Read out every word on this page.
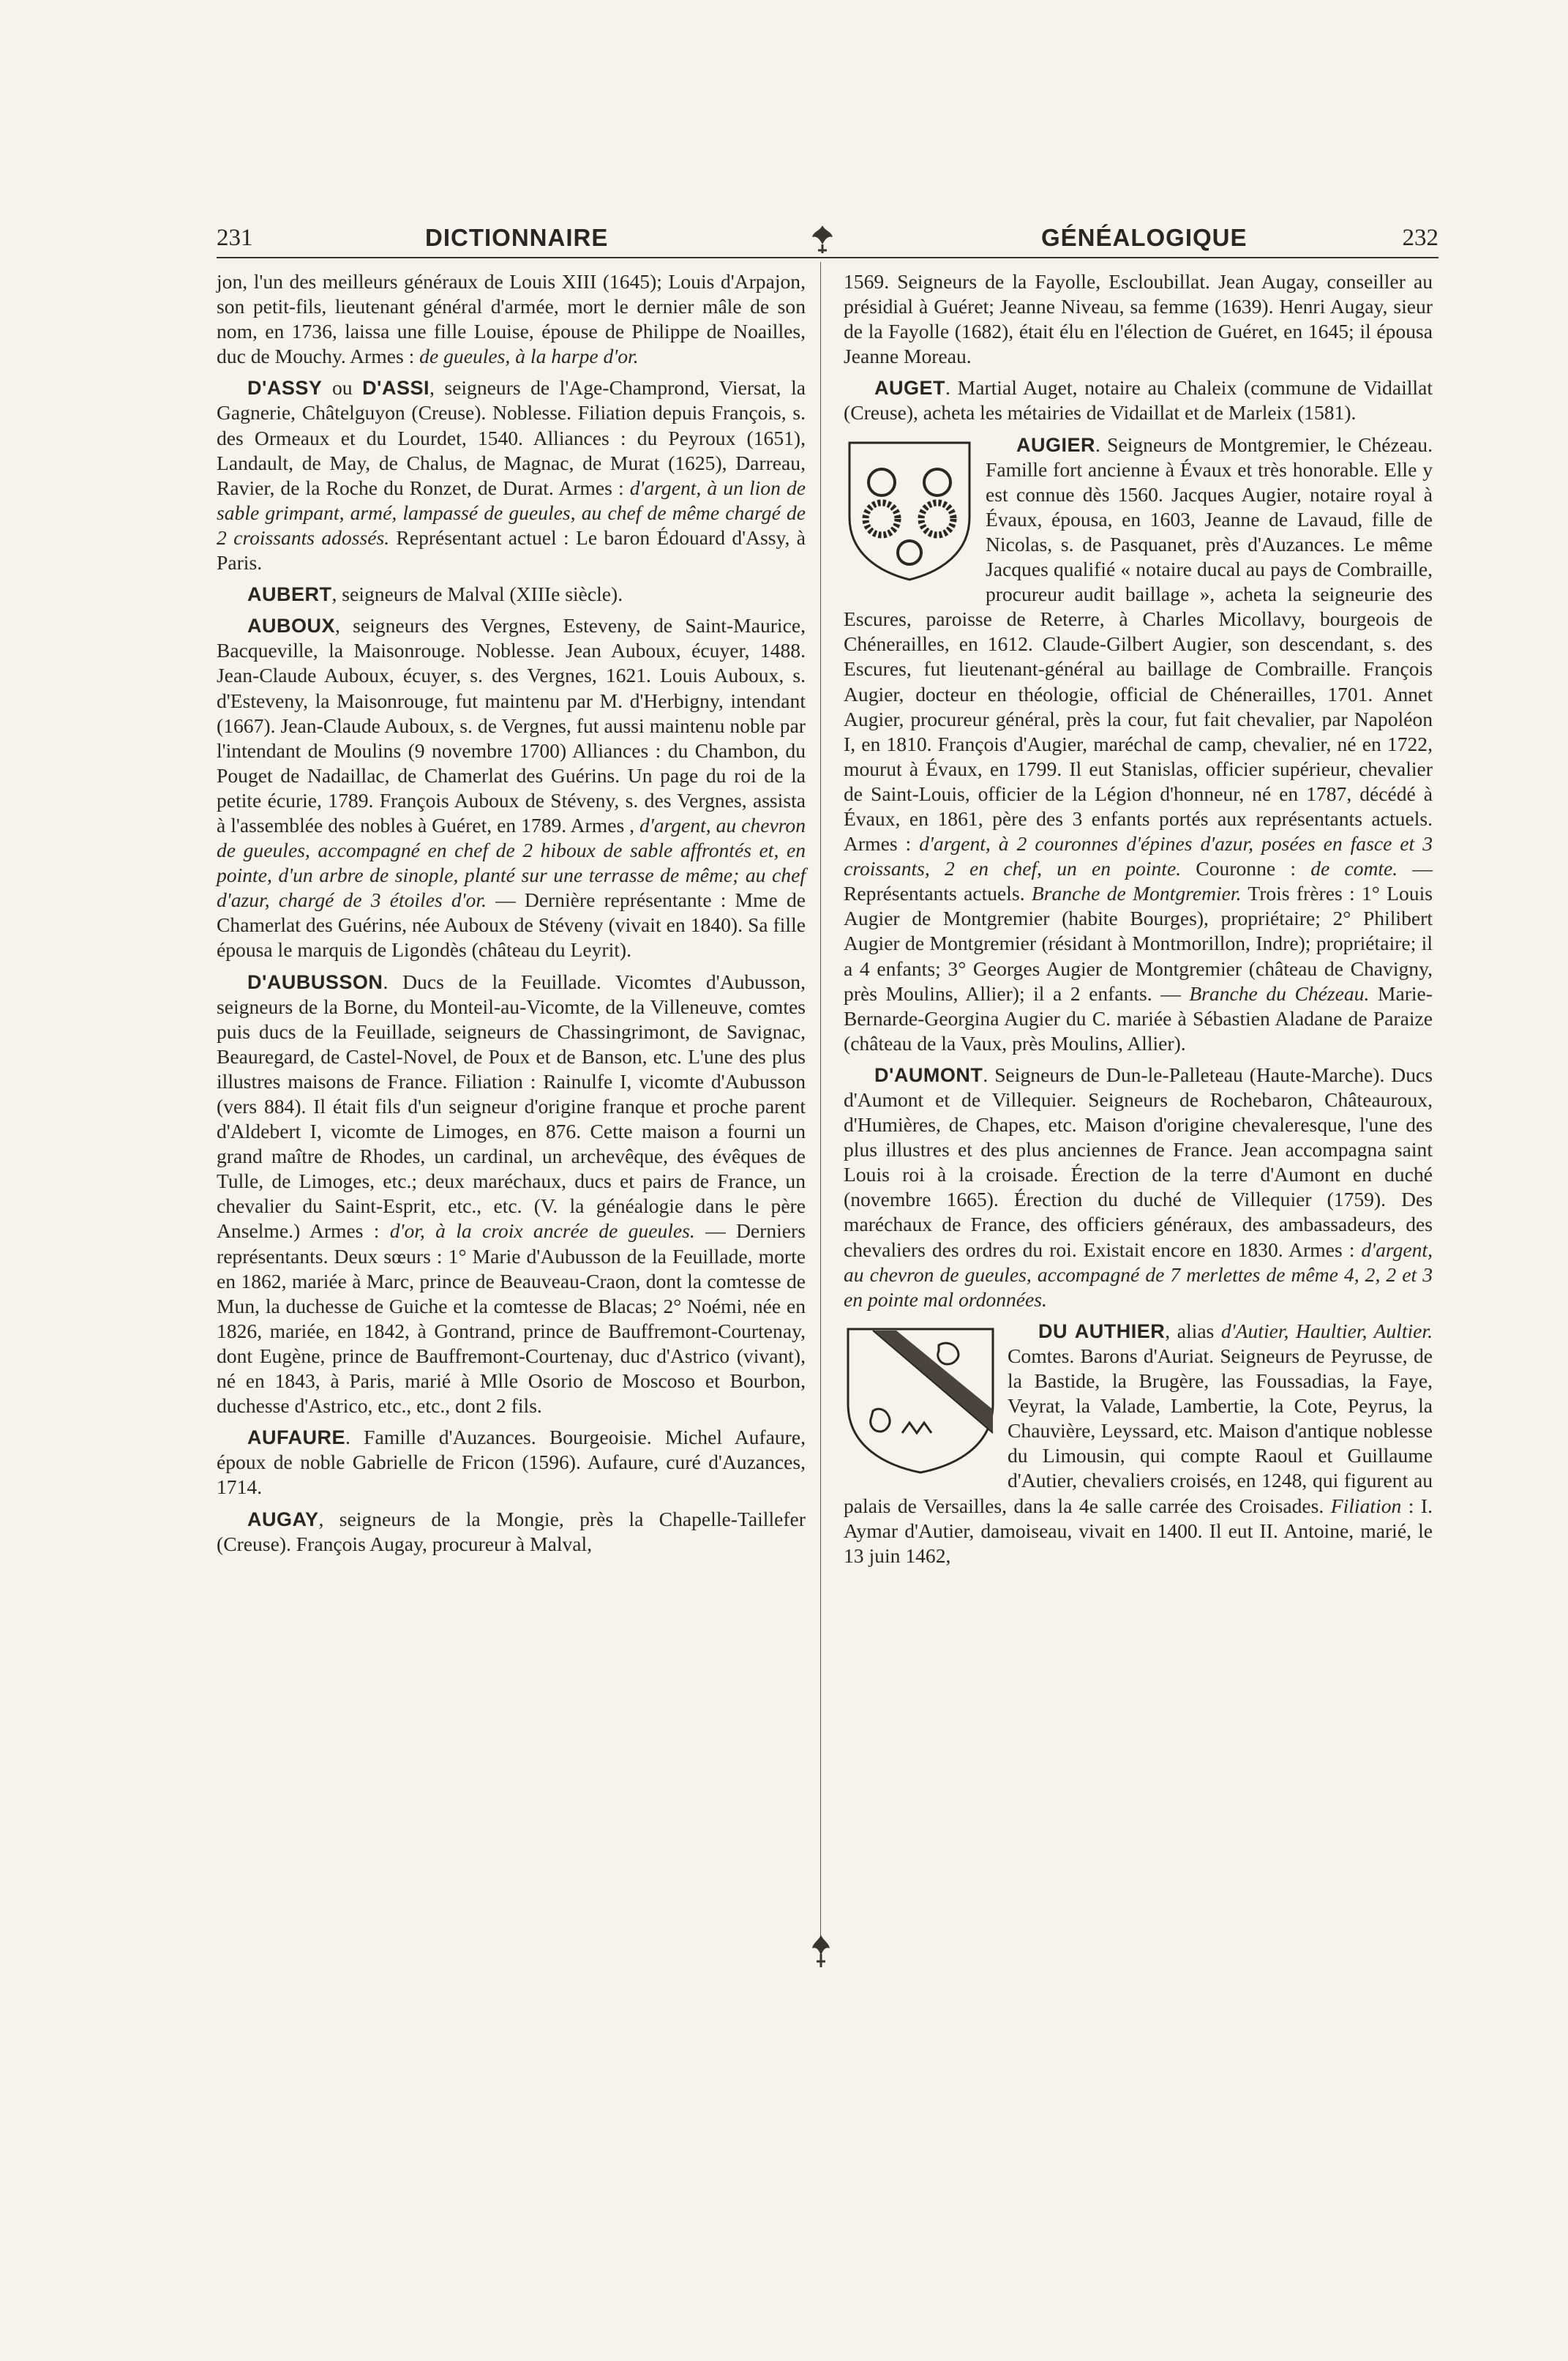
231	DICTIONNAIRE	GÉNÉALOGIQUE	232

jon, l'un des meilleurs généraux de Louis XIII (1645); Louis d'Arpajon, son petit-fils, lieutenant général d'armée, mort le dernier mâle de son nom, en 1736, laissa une fille Louise, épouse de Philippe de Noailles, duc de Mouchy. Armes : de gueules, à la harpe d'or.

D'ASSY ou D'ASSI, seigneurs de l'Age-Champrond, Viersat, la Gagnerie, Châtelguyon (Creuse). Noblesse. Filiation depuis François, s. des Ormeaux et du Lourdet, 1540. Alliances : du Peyroux (1651), Landault, de May, de Chalus, de Magnac, de Murat (1625), Darreau, Ravier, de la Roche du Ronzet, de Durat. Armes : d'argent, à un lion de sable grimpant, armé, lampassé de gueules, au chef de même chargé de 2 croissants adossés. Représentant actuel : Le baron Édouard d'Assy, à Paris.

AUBERT, seigneurs de Malval (XIIIe siècle).

AUBOUX, seigneurs des Vergnes, Esteveny, de Saint-Maurice, Bacqueville, la Maisonrouge. Noblesse. Jean Auboux, écuyer, 1488. Jean-Claude Auboux, écuyer, s. des Vergnes, 1621. Louis Auboux, s. d'Esteveny, la Maisonrouge, fut maintenu par M. d'Herbigny, intendant (1667). Jean-Claude Auboux, s. de Vergnes, fut aussi maintenu noble par l'intendant de Moulins (9 novembre 1700) Alliances : du Chambon, du Pouget de Nadaillac, de Chamerlat des Guérins. Un page du roi de la petite écurie, 1789. François Auboux de Stéveny, s. des Vergnes, assista à l'assemblée des nobles à Guéret, en 1789. Armes , d'argent, au chevron de gueules, accompagné en chef de 2 hiboux de sable affrontés et, en pointe, d'un arbre de sinople, planté sur une terrasse de même; au chef d'azur, chargé de 3 étoiles d'or. — Dernière représentante : Mme de Chamerlat des Guérins, née Auboux de Stéveny (vivait en 1840). Sa fille épousa le marquis de Ligondès (château du Leyrit).

D'AUBUSSON. Ducs de la Feuillade. Vicomtes d'Aubusson, seigneurs de la Borne, du Monteil-au-Vicomte, de la Villeneuve, comtes puis ducs de la Feuillade, seigneurs de Chassingrimont, de Savignac, Beauregard, de Castel-Novel, de Poux et de Banson, etc. L'une des plus illustres maisons de France. Filiation : Rainulfe I, vicomte d'Aubusson (vers 884). Il était fils d'un seigneur d'origine franque et proche parent d'Aldebert I, vicomte de Limoges, en 876. Cette maison a fourni un grand maître de Rhodes, un cardinal, un archevêque, des évêques de Tulle, de Limoges, etc.; deux maréchaux, ducs et pairs de France, un chevalier du Saint-Esprit, etc., etc. (V. la généalogie dans le père Anselme.) Armes : d'or, à la croix ancrée de gueules. — Derniers représentants. Deux sœurs : 1° Marie d'Aubusson de la Feuillade, morte en 1862, mariée à Marc, prince de Beauveau-Craon, dont la comtesse de Mun, la duchesse de Guiche et la comtesse de Blacas; 2° Noémi, née en 1826, mariée, en 1842, à Gontrand, prince de Bauffremont-Courtenay, dont Eugène, prince de Bauffremont-Courtenay, duc d'Astrico (vivant), né en 1843, à Paris, marié à Mlle Osorio de Moscoso et Bourbon, duchesse d'Astrico, etc., etc., dont 2 fils.

AUFAURE. Famille d'Auzances. Bourgeoisie. Michel Aufaure, époux de noble Gabrielle de Fricon (1596). Aufaure, curé d'Auzances, 1714.

AUGAY, seigneurs de la Mongie, près la Chapelle-Taillefer (Creuse). François Augay, procureur à Malval,

1569. Seigneurs de la Fayolle, Escloubillat. Jean Augay, conseiller au présidial à Guéret; Jeanne Niveau, sa femme (1639). Henri Augay, sieur de la Fayolle (1682), était élu en l'élection de Guéret, en 1645; il épousa Jeanne Moreau.

AUGET. Martial Auget, notaire au Chaleix (commune de Vidaillat (Creuse), acheta les métairies de Vidaillat et de Marleix (1581).

AUGIER. Seigneurs de Montgremier, le Chézeau. Famille fort ancienne à Évaux et très honorable. Elle y est connue dès 1560. Jacques Augier, notaire royal à Évaux, épousa, en 1603, Jeanne de Lavaud, fille de Nicolas, s. de Pasquanet, près d'Auzances. Le même Jacques qualifié « notaire ducal au pays de Combraille, procureur audit baillage », acheta la seigneurie des Escures, paroisse de Reterre, à Charles Micollavy, bourgeois de Chénerailles, en 1612. Claude-Gilbert Augier, son descendant, s. des Escures, fut lieutenant-général au baillage de Combraille. François Augier, docteur en théologie, official de Chénerailles, 1701. Annet Augier, procureur général, près la cour, fut fait chevalier, par Napoléon I, en 1810. François d'Augier, maréchal de camp, chevalier, né en 1722, mourut à Évaux, en 1799. Il eut Stanislas, officier supérieur, chevalier de Saint-Louis, officier de la Légion d'honneur, né en 1787, décédé à Évaux, en 1861, père des 3 enfants portés aux représentants actuels. Armes : d'argent, à 2 couronnes d'épines d'azur, posées en fasce et 3 croissants, 2 en chef, un en pointe. Couronne : de comte. — Représentants actuels. Branche de Montgremier. Trois frères : 1° Louis Augier de Montgremier (habite Bourges), propriétaire; 2° Philibert Augier de Montgremier (résidant à Montmorillon, Indre); propriétaire; il a 4 enfants; 3° Georges Augier de Montgremier (château de Chavigny, près Moulins, Allier); il a 2 enfants. — Branche du Chézeau. Marie-Bernarde-Georgina Augier du C. mariée à Sébastien Aladane de Paraize (château de la Vaux, près Moulins, Allier).

D'AUMONT. Seigneurs de Dun-le-Palleteau (Haute-Marche). Ducs d'Aumont et de Villequier. Seigneurs de Rochebaron, Châteauroux, d'Humières, de Chapes, etc. Maison d'origine chevaleresque, l'une des plus illustres et des plus anciennes de France. Jean accompagna saint Louis roi à la croisade. Érection de la terre d'Aumont en duché (novembre 1665). Érection du duché de Villequier (1759). Des maréchaux de France, des officiers généraux, des ambassadeurs, des chevaliers des ordres du roi. Existait encore en 1830. Armes : d'argent, au chevron de gueules, accompagné de 7 merlettes de même 4, 2, 2 et 3 en pointe mal ordonnées.

DU AUTHIER, alias d'Autier, Haultier, Aultier. Comtes. Barons d'Auriat. Seigneurs de Peyrusse, de la Bastide, la Brugère, las Foussadias, la Faye, Veyrat, la Valade, Lambertie, la Cote, Peyrus, la Chauvière, Leyssard, etc. Maison d'antique noblesse du Limousin, qui compte Raoul et Guillaume d'Autier, chevaliers croisés, en 1248, qui figurent au palais de Versailles, dans la 4e salle carrée des Croisades. Filiation : I. Aymar d'Autier, damoiseau, vivait en 1400. Il eut II. Antoine, marié, le 13 juin 1462,
